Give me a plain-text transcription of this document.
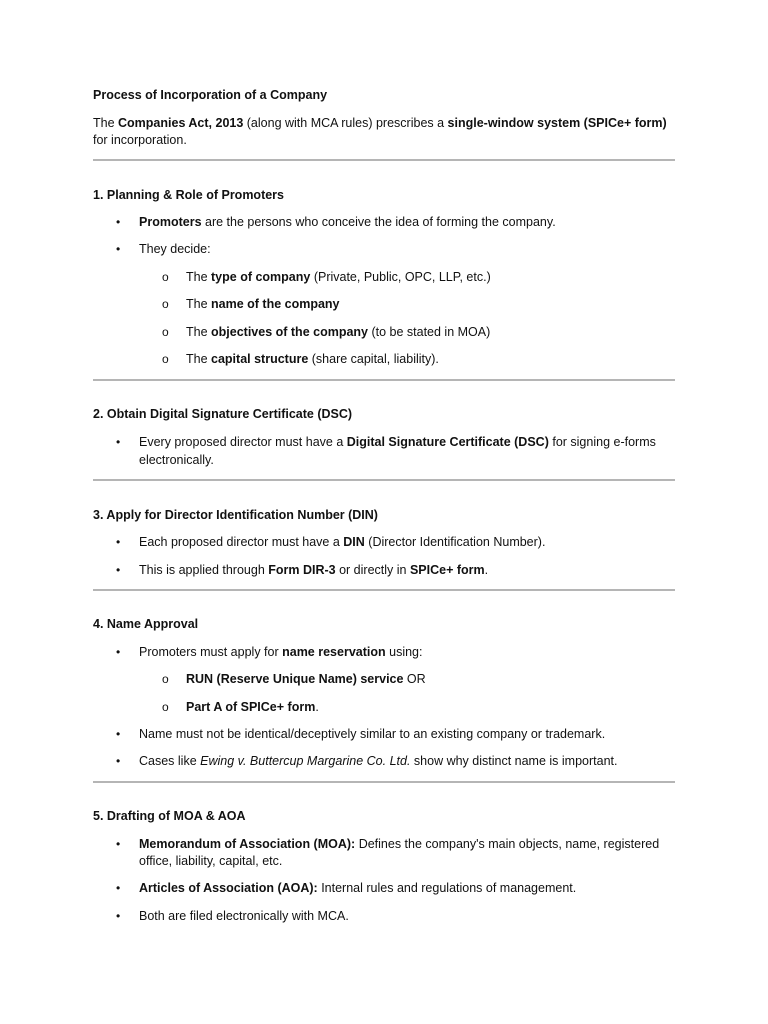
Process of Incorporation of a Company
The Companies Act, 2013 (along with MCA rules) prescribes a single-window system (SPICe+ form)
for incorporation.
1. Planning & Role of Promoters
• Promoters are the persons who conceive the idea of forming the company.
• They decide:
o The type of company (Private, Public, OPC, LLP, etc.)
o The name of the company
o The objectives of the company (to be stated in MOA)
o The capital structure (share capital, liability).
2. Obtain Digital Signature Certificate (DSC)
• Every proposed director must have a Digital Signature Certificate (DSC) for signing e-forms
electronically.
3. Apply for Director Identification Number (DIN)
• Each proposed director must have a DIN (Director Identification Number).
• This is applied through Form DIR-3 or directly in SPICe+ form.
4. Name Approval
• Promoters must apply for name reservation using:
o RUN (Reserve Unique Name) service OR
o Part A of SPICe+ form.
• Name must not be identical/deceptively similar to an existing company or trademark.
• Cases like Ewing v. Buttercup Margarine Co. Ltd. show why distinct name is important.
5. Drafting of MOA & AOA
• Memorandum of Association (MOA): Defines the company's main objects, name, registered
office, liability, capital, etc.
• Articles of Association (AOA): Internal rules and regulations of management.
• Both are filed electronically with MCA.
